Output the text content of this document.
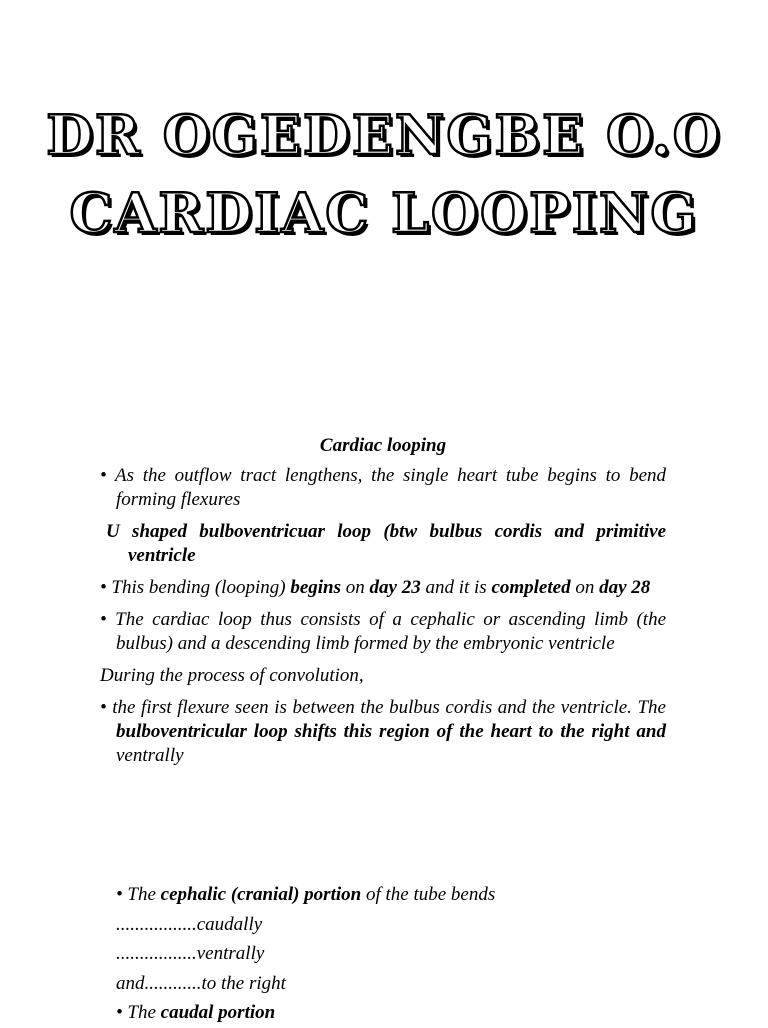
DR OGEDENGBE O.O
CARDIAC LOOPING
Cardiac looping
• As the outflow tract lengthens, the single heart tube begins to bend forming flexures
U shaped bulboventricuar loop (btw bulbus cordis and primitive ventricle
• This bending (looping) begins on day 23 and it is completed on day 28
• The cardiac loop thus consists of a cephalic or ascending limb (the bulbus) and a descending limb formed by the embryonic ventricle
During the process of convolution,
• the first flexure seen is between the bulbus cordis and the ventricle. The bulboventricular loop shifts this region of the heart to the right and ventrally
• The cephalic (cranial) portion of the tube bends
.................caudally
.................ventrally
and............to the right
• The caudal portion
